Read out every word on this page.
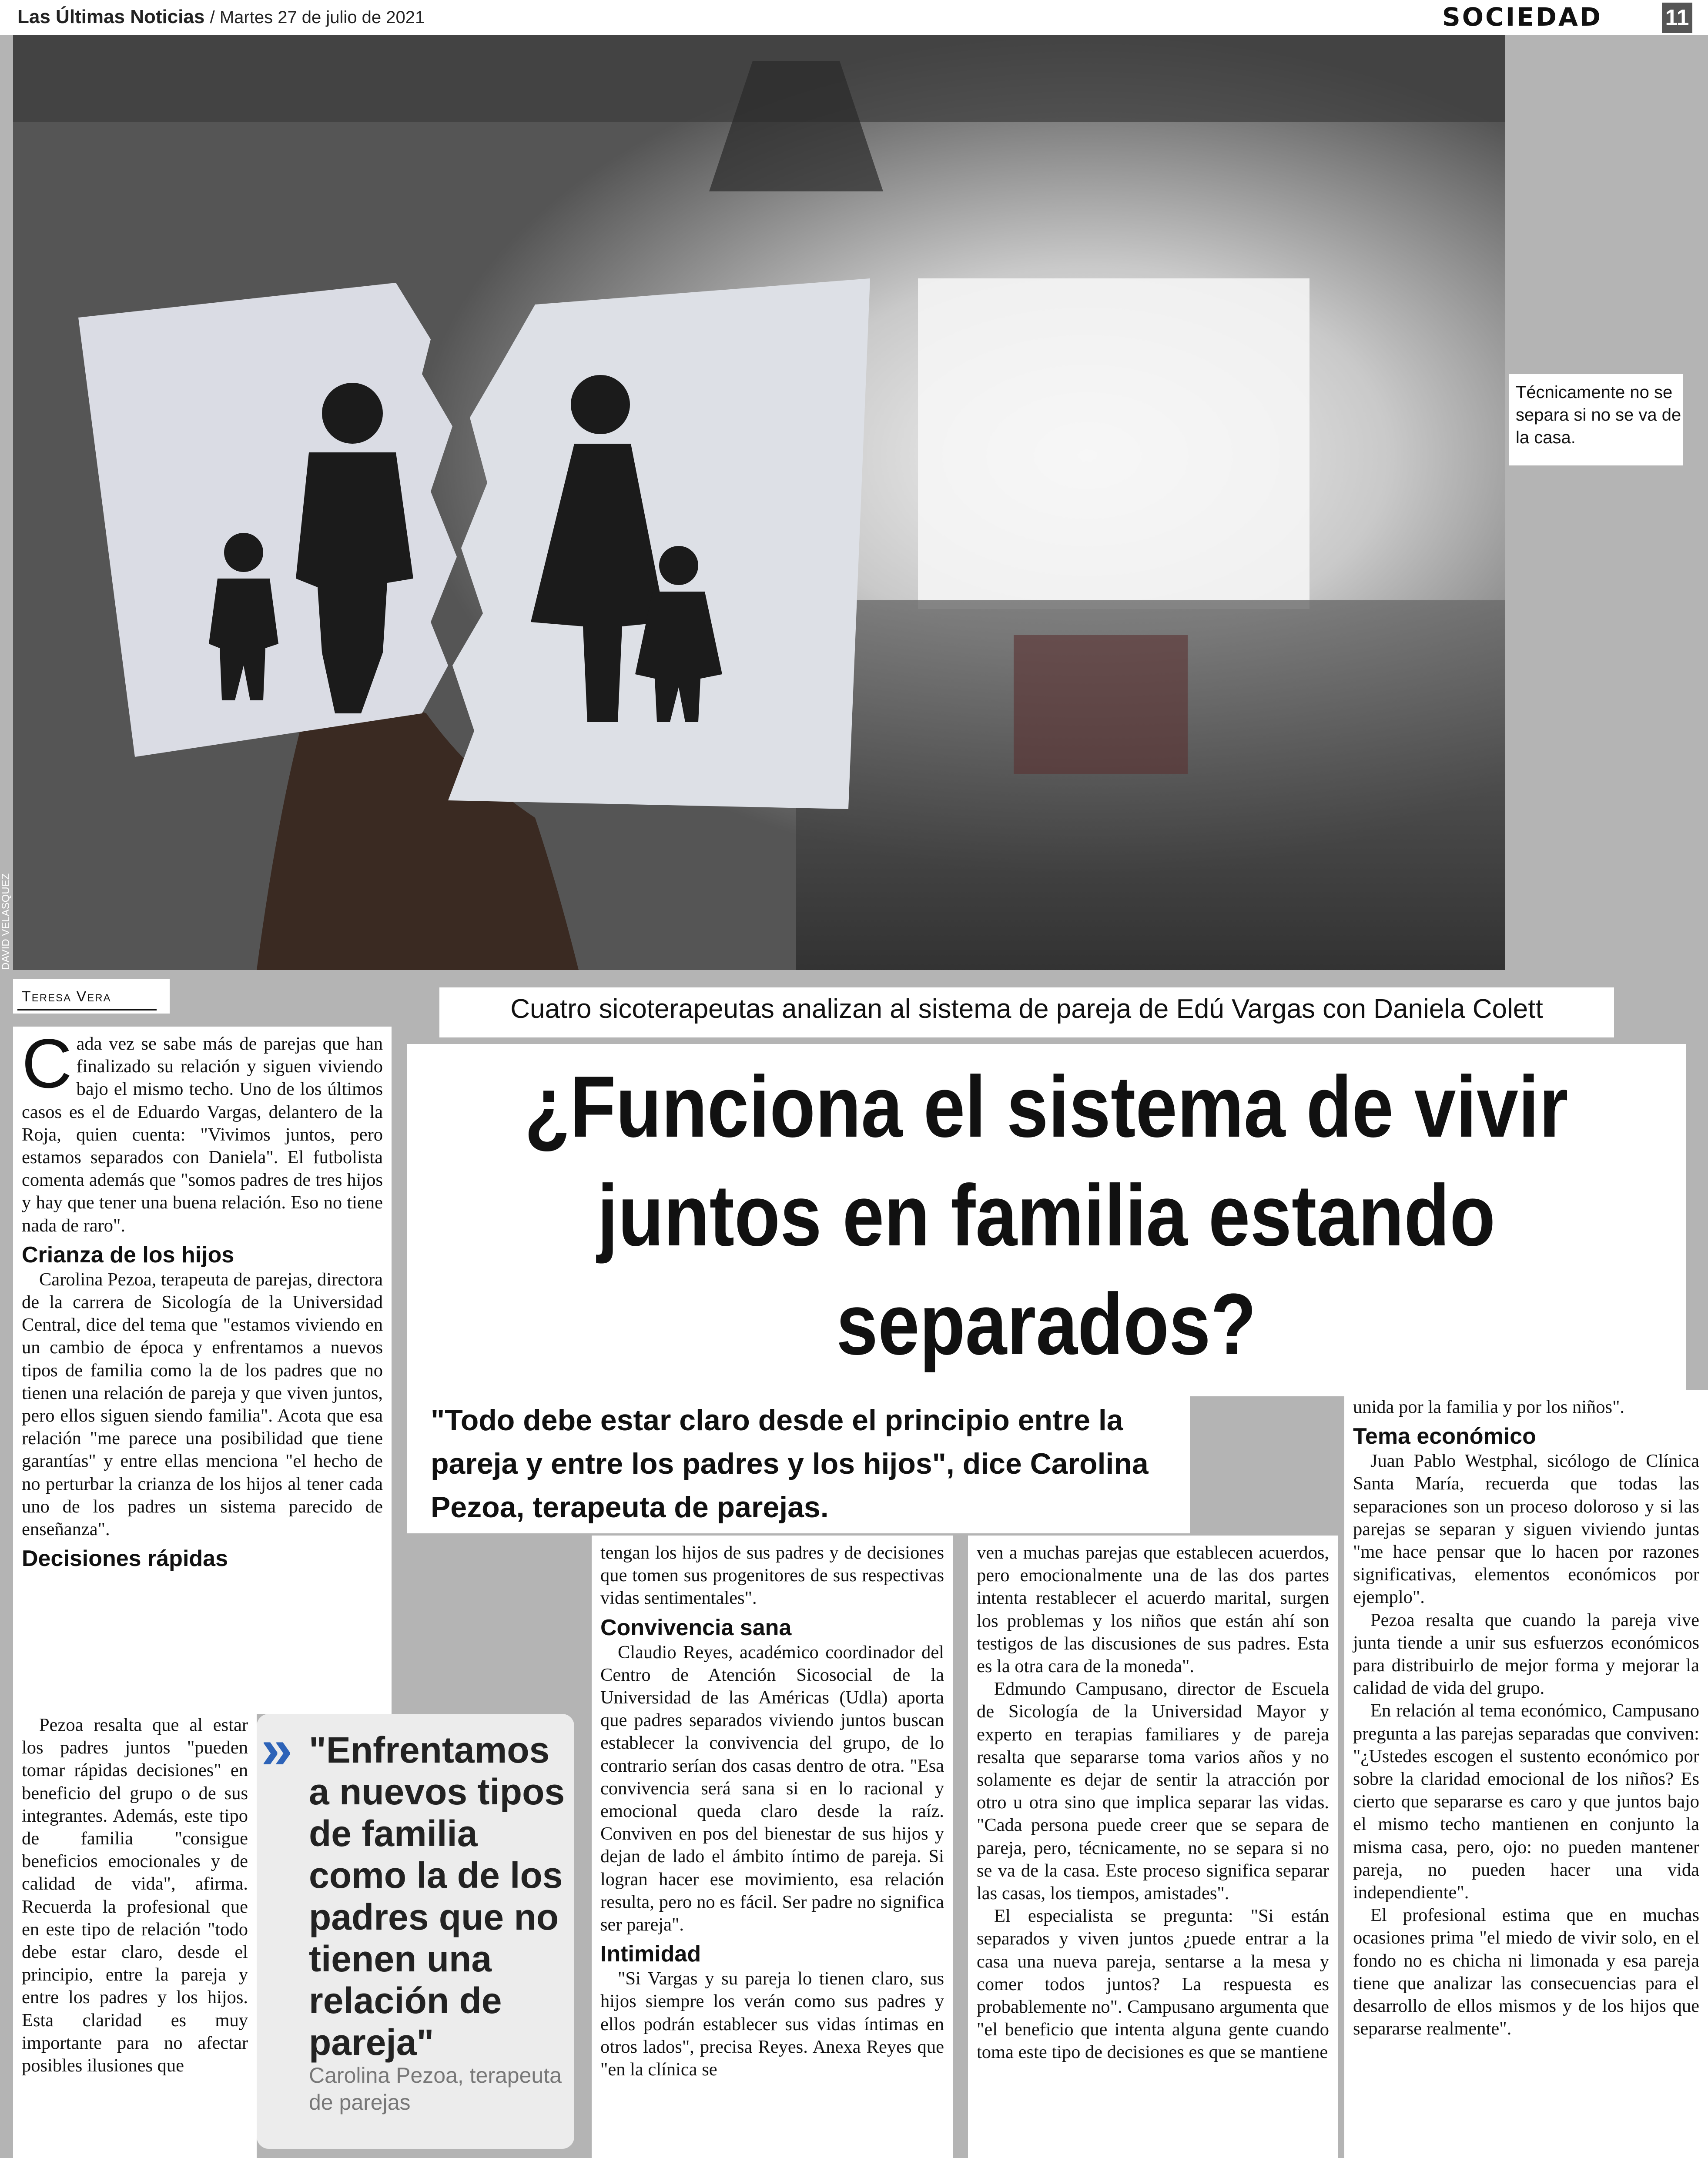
Las Últimas Noticias / Martes 27 de julio de 2021	SOCIEDAD	11
DAVID VELASQUEZ
Técnicamente no se separa si no se va de la casa.
Teresa Vera	Cuatro sicoterapeutas analizan al sistema de pareja de Edú Vargas con Daniela Colett
¿Funciona el sistema de vivir
juntos en familia estando
separados?
"Todo debe estar claro desde el principio entre la pareja y entre los padres y los hijos", dice Carolina Pezoa, terapeuta de parejas.
C ada vez se sabe más de parejas que han finalizado su relación y siguen viviendo bajo el mismo techo. Uno de los últimos casos es el de Eduardo Vargas, delantero de la Roja, quien cuenta: "Vivimos juntos, pero estamos separados con Daniela". El futbolista comenta además que "somos padres de tres hijos y hay que tener una buena relación. Eso no tiene nada de raro".

Crianza de los hijos

Carolina Pezoa, terapeuta de parejas, directora de la carrera de Sicología de la Universidad Central, dice del tema que "estamos viviendo en un cambio de época y enfrentamos a nuevos tipos de familia como la de los padres que no tienen una relación de pareja y que viven juntos, pero ellos siguen siendo familia". Acota que esa relación "me parece una posibilidad que tiene garantías" y entre ellas menciona "el hecho de no perturbar la crianza de los hijos al tener cada uno de los padres un sistema parecido de enseñanza".

Decisiones rápidas

Pezoa resalta que al estar los padres juntos "pueden tomar rápidas decisiones" en beneficio del grupo o de sus integrantes. Además, este tipo de familia "consigue beneficios emocionales y de calidad de vida", afirma. Recuerda la profesional que en este tipo de relación "todo debe estar claro, desde el principio, entre la pareja y entre los padres y los hijos. Esta claridad es muy importante para no afectar posibles ilusiones que

» "Enfrentamos a nuevos tipos de familia como la de los padres que no tienen una relación de pareja"
Carolina Pezoa, terapeuta de parejas

tengan los hijos de sus padres y de decisiones que tomen sus progenitores de sus respectivas vidas sentimentales".

Convivencia sana

Claudio Reyes, académico coordinador del Centro de Atención Sicosocial de la Universidad de las Américas (Udla) aporta que padres separados viviendo juntos buscan establecer la convivencia del grupo, de lo contrario serían dos casas dentro de otra. "Esa convivencia será sana si en lo racional y emocional queda claro desde la raíz. Conviven en pos del bienestar de sus hijos y dejan de lado el ámbito íntimo de pareja. Si logran hacer ese movimiento, esa relación resulta, pero no es fácil. Ser padre no significa ser pareja".

Intimidad

"Si Vargas y su pareja lo tienen claro, sus hijos siempre los verán como sus padres y ellos podrán establecer sus vidas íntimas en otros lados", precisa Reyes. Anexa Reyes que "en la clínica se

ven a muchas parejas que establecen acuerdos, pero emocionalmente una de las dos partes intenta restablecer el acuerdo marital, surgen los problemas y los niños que están ahí son testigos de las discusiones de sus padres. Esta es la otra cara de la moneda".

Edmundo Campusano, director de Escuela de Sicología de la Universidad Mayor y experto en terapias familiares y de pareja resalta que separarse toma varios años y no solamente es dejar de sentir la atracción por otro u otra sino que implica separar las vidas. "Cada persona puede creer que se separa de pareja, pero, técnicamente, no se separa si no se va de la casa. Este proceso significa separar las casas, los tiempos, amistades".

El especialista se pregunta: "Si están separados y viven juntos ¿puede entrar a la casa una nueva pareja, sentarse a la mesa y comer todos juntos? La respuesta es probablemente no". Campusano argumenta que "el beneficio que intenta alguna gente cuando toma este tipo de decisiones es que se mantiene

unida por la familia y por los niños".

Tema económico

Juan Pablo Westphal, sicólogo de Clínica Santa María, recuerda que todas las separaciones son un proceso doloroso y si las parejas se separan y siguen viviendo juntas "me hace pensar que lo hacen por razones significativas, elementos económicos por ejemplo".

Pezoa resalta que cuando la pareja vive junta tiende a unir sus esfuerzos económicos para distribuirlo de mejor forma y mejorar la calidad de vida del grupo.

En relación al tema económico, Campusano pregunta a las parejas separadas que conviven: "¿Ustedes escogen el sustento económico por sobre la claridad emocional de los niños? Es cierto que separarse es caro y que juntos bajo el mismo techo mantienen en conjunto la misma casa, pero, ojo: no pueden mantener pareja, no pueden hacer una vida independiente".

El profesional estima que en muchas ocasiones prima "el miedo de vivir solo, en el fondo no es chicha ni limonada y esa pareja tiene que analizar las consecuencias para el desarrollo de ellos mismos y de los hijos que separarse realmente".
